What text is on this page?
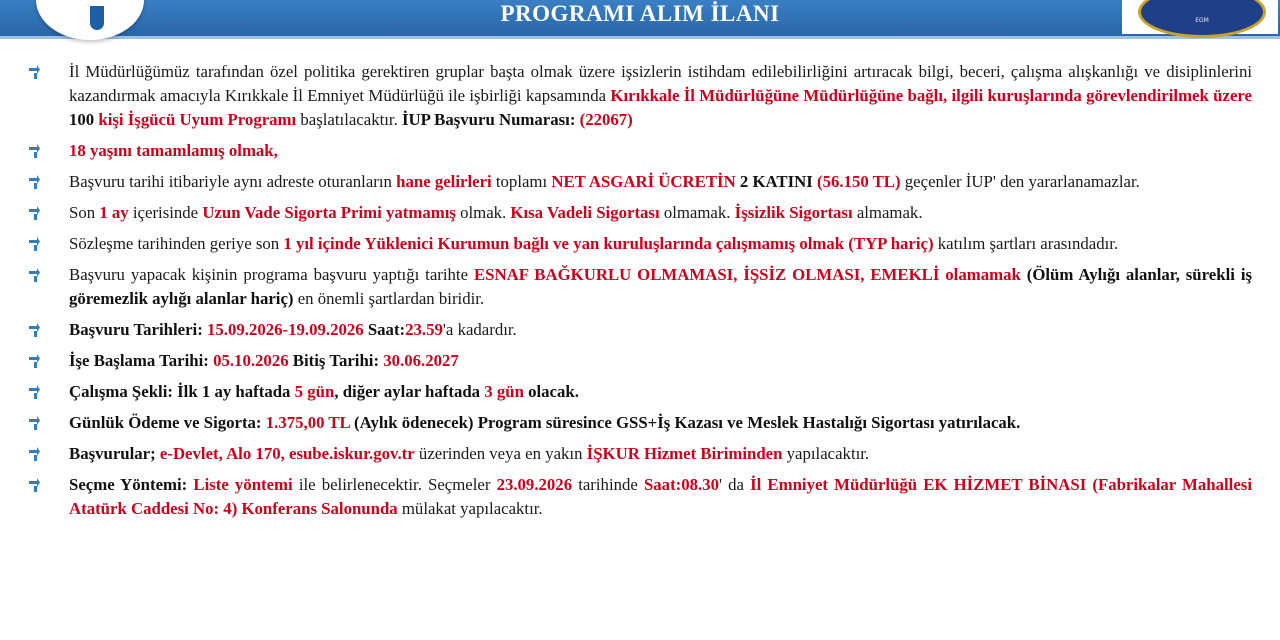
PROGRAMI ALIM İLANI	EGM
İl Müdürlüğümüz tarafından özel politika gerektiren gruplar başta olmak üzere işsizlerin istihdam edilebilirliğini artıracak bilgi, beceri, çalışma alışkanlığı ve disiplinlerini kazandırmak amacıyla Kırıkkale İl Emniyet Müdürlüğü ile işbirliği kapsamında Kırıkkale İl Müdürlüğüne Müdürlüğüne bağlı, ilgili kuruşlarında görevlendirilmek üzere 100 kişi İşgücü Uyum Programı başlatılacaktır. İUP Başvuru Numarası: (22067)
18 yaşını tamamlamış olmak,
Başvuru tarihi itibariyle aynı adreste oturanların hane gelirleri toplamı NET ASGARİ ÜCRETİN 2 KATINI (56.150 TL) geçenler İUP' den yararlanamazlar.
Son 1 ay içerisinde Uzun Vade Sigorta Primi yatmamış olmak. Kısa Vadeli Sigortası olmamak. İşsizlik Sigortası almamak.
Sözleşme tarihinden geriye son 1 yıl içinde Yüklenici Kurumun bağlı ve yan kuruluşlarında çalışmamış olmak (TYP hariç) katılım şartları arasındadır.
Başvuru yapacak kişinin programa başvuru yaptığı tarihte ESNAF BAĞKURLU OLMAMASI, İŞSİZ OLMASI, EMEKLİ olamamak (Ölüm Aylığı alanlar, sürekli iş göremezlik aylığı alanlar hariç) en önemli şartlardan biridir.
Başvuru Tarihleri: 15.09.2026-19.09.2026 Saat:23.59'a kadardır.
İşe Başlama Tarihi: 05.10.2026 Bitiş Tarihi: 30.06.2027
Çalışma Şekli: İlk 1 ay haftada 5 gün, diğer aylar haftada 3 gün olacak.
Günlük Ödeme ve Sigorta: 1.375,00 TL (Aylık ödenecek) Program süresince GSS+İş Kazası ve Meslek Hastalığı Sigortası yatırılacak.
Başvurular; e-Devlet, Alo 170, esube.iskur.gov.tr üzerinden veya en yakın İŞKUR Hizmet Biriminden yapılacaktır.
Seçme Yöntemi: Liste yöntemi ile belirlenecektir. Seçmeler 23.09.2026 tarihinde Saat:08.30' da İl Emniyet Müdürlüğü EK HİZMET BİNASI (Fabrikalar Mahallesi Atatürk Caddesi No: 4) Konferans Salonunda mülakat yapılacaktır.
